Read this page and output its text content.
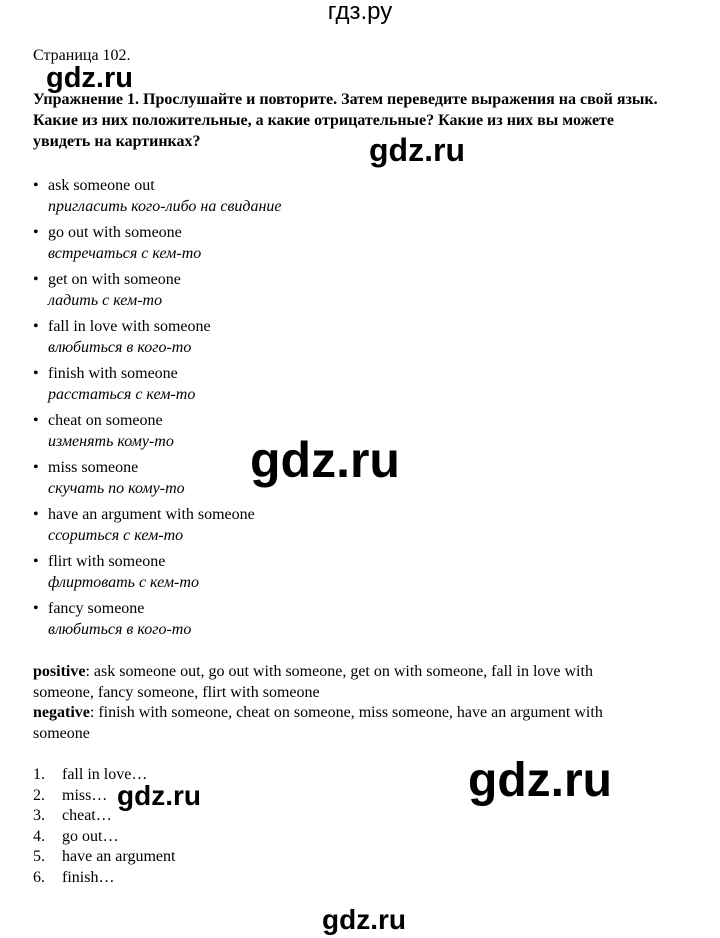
гдз.ру
Страница 102.

Упражнение 1. Прослушайте и повторите. Затем переведите выражения на свой язык. Какие из них положительные, а какие отрицательные? Какие из них вы можете увидеть на картинках?

• ask someone out
пригласить кого-либо на свидание
• go out with someone
встречаться с кем-то
• get on with someone
ладить с кем-то
• fall in love with someone
влюбиться в кого-то
• finish with someone
расстаться с кем-то
• cheat on someone
изменять кому-то
• miss someone
скучать по кому-то
• have an argument with someone
ссориться с кем-то
• flirt with someone
флиртовать с кем-то
• fancy someone
влюбиться в кого-то
positive: ask someone out, go out with someone, get on with someone, fall in love with someone, fancy someone, flirt with someone
negative: finish with someone, cheat on someone, miss someone, have an argument with someone
1. fall in love…
2. miss…
3. cheat…
4. go out…
5. have an argument
6. finish…
gdz.ru
gdz.ru
gdz.ru
gdz.ru
gdz.ru
gdz.ru
